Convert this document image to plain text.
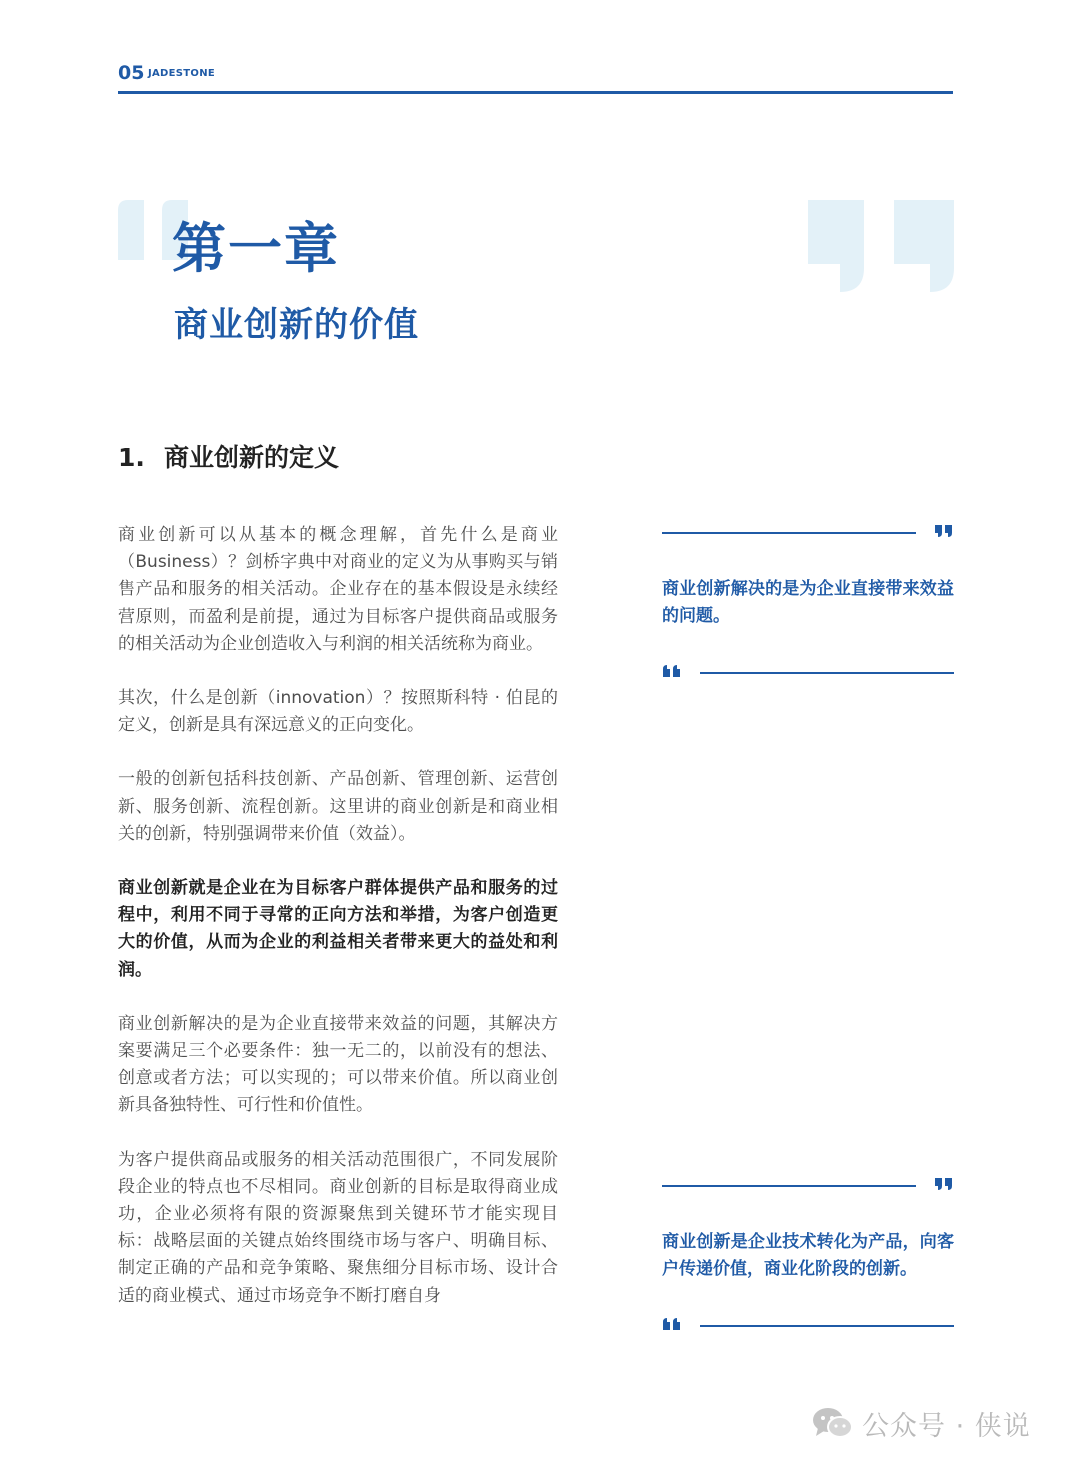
05 JADESTONE
第一章
商业创新的价值
1. 商业创新的定义

商业创新可以从基本的概念理解，首先什么是商业（Business）？剑桥字典中对商业的定义为从事购买与销售产品和服务的相关活动。企业存在的基本假设是永续经营原则，而盈利是前提，通过为目标客户提供商品或服务的相关活动为企业创造收入与利润的相关活统称为商业。

其次，什么是创新（innovation）？按照斯科特 · 伯昆的定义，创新是具有深远意义的正向变化。

一般的创新包括科技创新、产品创新、管理创新、运营创新、服务创新、流程创新。这里讲的商业创新是和商业相关的创新，特别强调带来价值（效益）。

商业创新就是企业在为目标客户群体提供产品和服务的过程中，利用不同于寻常的正向方法和举措，为客户创造更大的价值，从而为企业的利益相关者带来更大的益处和利润。

商业创新解决的是为企业直接带来效益的问题，其解决方案要满足三个必要条件：独一无二的，以前没有的想法、创意或者方法；可以实现的；可以带来价值。所以商业创新具备独特性、可行性和价值性。

为客户提供商品或服务的相关活动范围很广，不同发展阶段企业的特点也不尽相同。商业创新的目标是取得商业成功，企业必须将有限的资源聚焦到关键环节才能实现目标：战略层面的关键点始终围绕市场与客户、明确目标、制定正确的产品和竞争策略、聚焦细分目标市场、设计合适的商业模式、通过市场竞争不断打磨自身

商业创新解决的是为企业直接带来效益的问题。
商业创新是企业技术转化为产品，向客户传递价值，商业化阶段的创新。
公众号 · 侠说
